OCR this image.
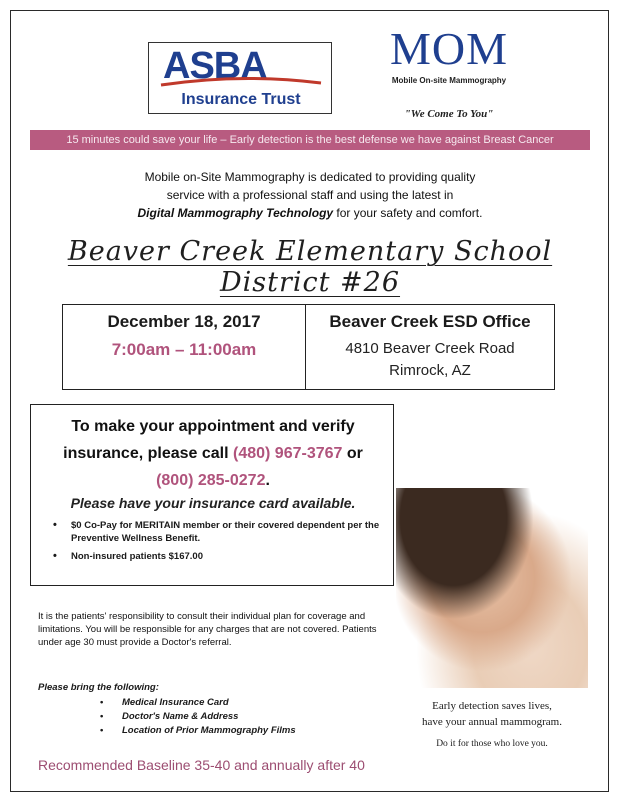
ASBA
Insurance Trust
MOM
Mobile On-site Mammography
"We Come To You"
15 minutes could save your life – Early detection is the best defense we have against Breast Cancer
Mobile on-Site Mammography is dedicated to providing quality
service with a professional staff and using the latest in
Digital Mammography Technology for your safety and comfort.
Beaver Creek Elementary School District #26
December 18, 2017
7:00am – 11:00am
Beaver Creek ESD Office
4810 Beaver Creek Road
Rimrock, AZ
To make your appointment and verify
insurance, please call (480) 967-3767 or
(800) 285-0272.
Please have your insurance card available.
• $0 Co-Pay for MERITAIN member or their covered dependent per the Preventive Wellness Benefit.
• Non-insured patients $167.00
It is the patients' responsibility to consult their individual plan for coverage and limitations. You will be responsible for any charges that are not covered. Patients under age 30 must provide a Doctor's referral.
Please bring the following:
• Medical Insurance Card
• Doctor's Name & Address
• Location of Prior Mammography Films
Early detection saves lives,
have your annual mammogram.
Do it for those who love you.
Recommended Baseline 35-40 and annually after 40
